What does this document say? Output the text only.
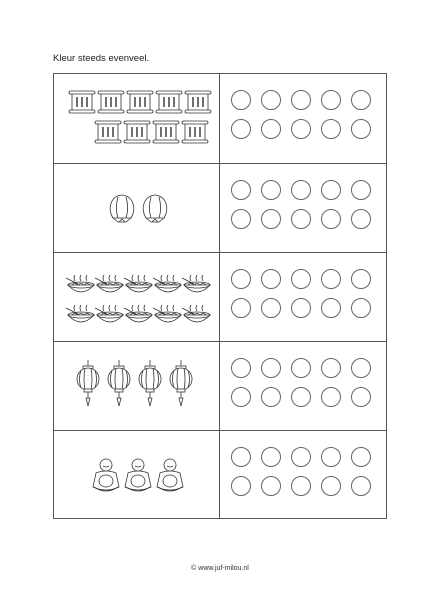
Kleur steeds evenveel.
© www.juf-milou.nl
